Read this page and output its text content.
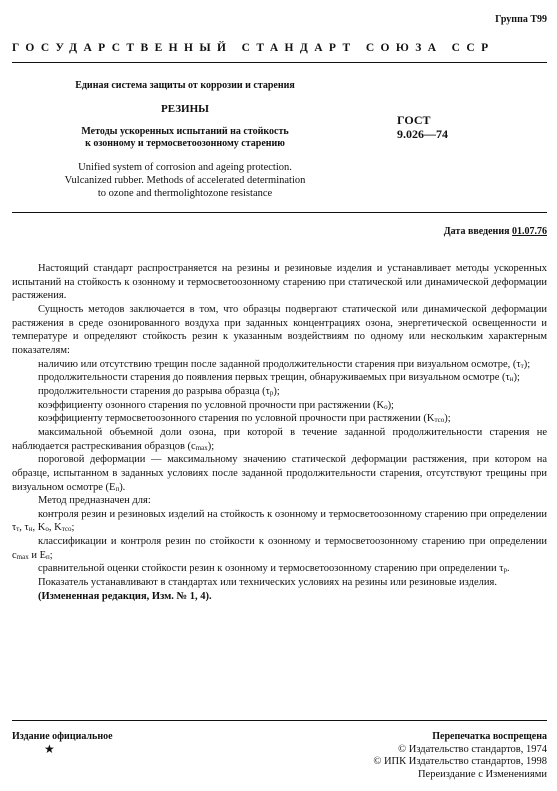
Группа Т99
ГОСУДАРСТВЕННЫЙ СТАНДАРТ СОЮЗА ССР
Единая система защиты от коррозии и старения
РЕЗИНЫ
Методы ускоренных испытаний на стойкость
к озонному и термосветоозонному старению
Unified system of corrosion and ageing protection.
Vulcanized rubber. Methods of accelerated determination
to ozone and thermolightozone resistance
ГОСТ
9.026—74
Дата введения 01.07.76

Настоящий стандарт распространяется на резины и резиновые изделия и устанавливает методы ускоренных испытаний на стойкость к озонному и термосветоозонному старению при статической или динамической деформации растяжения.

Сущность методов заключается в том, что образцы подвергают статической или динамической деформации растяжения в среде озонированного воздуха при заданных концентрациях озона, энергетической освещенности и температуре и определяют стойкость резин к указанным воздействиям по одному или нескольким характерным показателям:

наличию или отсутствию трещин после заданной продолжительности старения при визуальном осмотре, $(\tau_т)$;

продолжительности старения до появления первых трещин, обнаруживаемых при визуальном осмотре $(\tau_н)$;

продолжительности старения до разрыва образца $(\tau_р)$;

коэффициенту озонного старения по условной прочности при растяжении $(K_о)$;

коэффициенту термосветоозонного старения по условной прочности при растяжении $(K_{тсо})$;

максимальной объемной доли озона, при которой в течение заданной продолжительности старения не наблюдается растрескивания образцов $(c_{max})$;

пороговой деформации — максимальному значению статической деформации растяжения, при котором на образце, испытанном в заданных условиях после заданной продолжительности старения, отсутствуют трещины при визуальном осмотре $(E_п)$.

Метод предназначен для:

контроля резин и резиновых изделий на стойкость к озонному и термосветоозонному старению при определении $\tau_т$, $\tau_н$, $K_о$, $K_{тсо}$;

классификации и контроля резин по стойкости к озонному и термосветоозонному старению при определении $c_{max}$ и $E_п$;

сравнительной оценки стойкости резин к озонному и термосветоозонному старению при определении $\tau_р$.

Показатель устанавливают в стандартах или технических условиях на резины или резиновые изделия.

(Измененная редакция, Изм. № 1, 4).

Издание официальное
★
Перепечатка воспрещена
© Издательство стандартов, 1974
© ИПК Издательство стандартов, 1998
Переиздание с Изменениями
